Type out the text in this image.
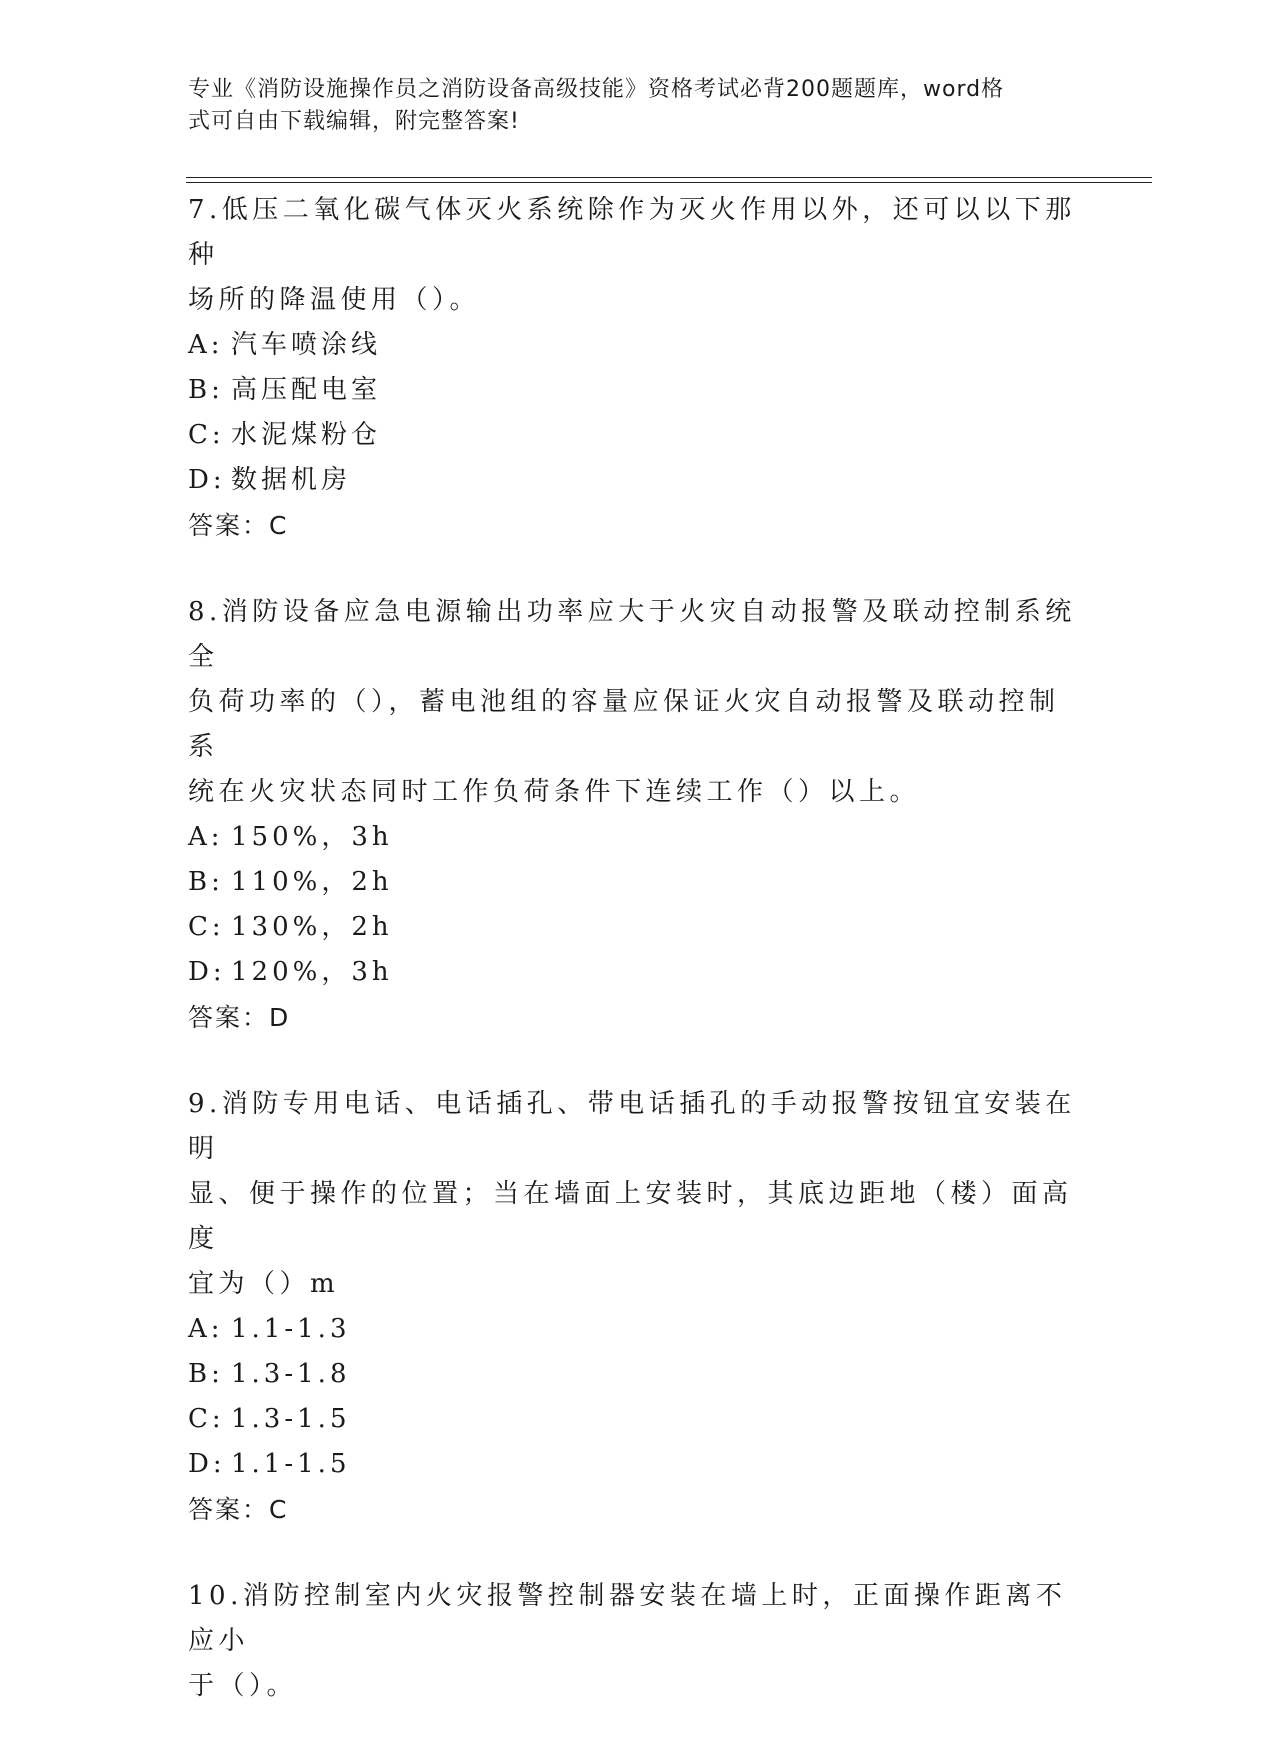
专业《消防设施操作员之消防设备高级技能》资格考试必背200题题库，word格
式可自由下载编辑，附完整答案!

7.低压二氧化碳气体灭火系统除作为灭火作用以外，还可以以下那种

场所的降温使用（）。

A: 汽车喷涂线

B: 高压配电室

C: 水泥煤粉仓

D: 数据机房

答案：C

8.消防设备应急电源输出功率应大于火灾自动报警及联动控制系统全

负荷功率的（），蓄电池组的容量应保证火灾自动报警及联动控制系

统在火灾状态同时工作负荷条件下连续工作（）以上。

A: 150%，3h

B: 110%，2h

C: 130%，2h

D: 120%，3h

答案：D

9.消防专用电话、电话插孔、带电话插孔的手动报警按钮宜安装在明

显、便于操作的位置；当在墙面上安装时，其底边距地（楼）面高度

宜为（）m

A: 1.1-1.3

B: 1.3-1.8

C: 1.3-1.5

D: 1.1-1.5

答案：C

10.消防控制室内火灾报警控制器安装在墙上时，正面操作距离不应小

于（）。
